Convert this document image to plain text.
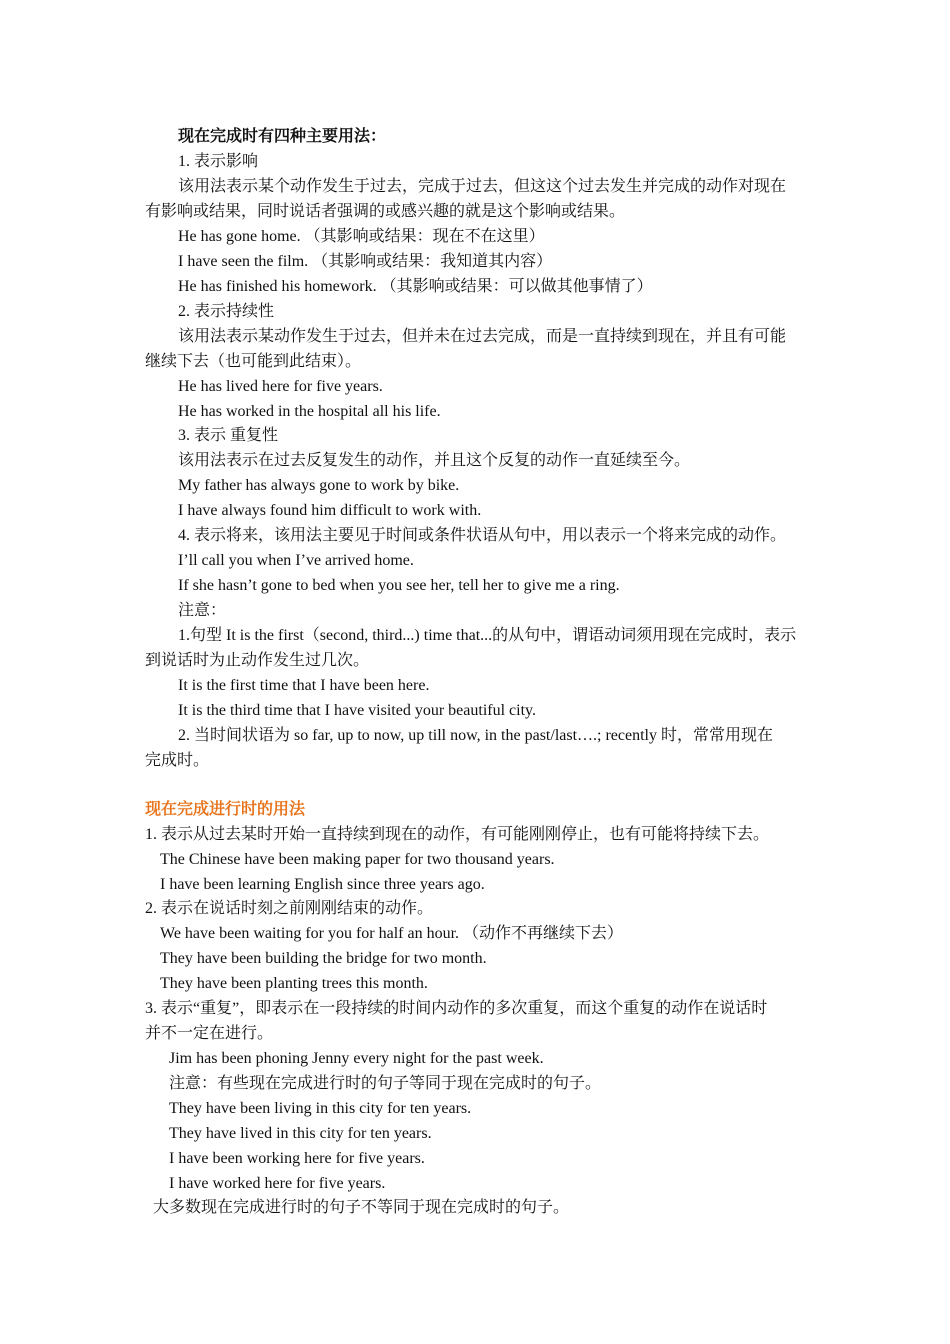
现在完成时有四种主要用法：
1. 表示影响
该用法表示某个动作发生于过去，完成于过去，但这这个过去发生并完成的动作对现在
有影响或结果，同时说话者强调的或感兴趣的就是这个影响或结果。
He has gone home. （其影响或结果：现在不在这里）
I have seen the film. （其影响或结果：我知道其内容）
He has finished his homework. （其影响或结果：可以做其他事情了）
2. 表示持续性
该用法表示某动作发生于过去，但并未在过去完成，而是一直持续到现在，并且有可能
继续下去（也可能到此结束）。
He has lived here for five years.
He has worked in the hospital all his life.
3. 表示 重复性
该用法表示在过去反复发生的动作，并且这个反复的动作一直延续至今。
My father has always gone to work by bike.
I have always found him difficult to work with.
4. 表示将来，该用法主要见于时间或条件状语从句中，用以表示一个将来完成的动作。
I’ll call you when I’ve arrived home.
If she hasn’t gone to bed when you see her, tell her to give me a ring.
注意：
1.句型 It is the first（second, third...) time that...的从句中，谓语动词须用现在完成时，表示
到说话时为止动作发生过几次。
It is the first time that I have been here.
It is the third time that I have visited your beautiful city.
2. 当时间状语为 so far, up to now, up till now, in the past/last….; recently 时，常常用现在
完成时。
现在完成进行时的用法
1. 表示从过去某时开始一直持续到现在的动作，有可能刚刚停止，也有可能将持续下去。
The Chinese have been making paper for two thousand years.
I have been learning English since three years ago.
2. 表示在说话时刻之前刚刚结束的动作。
We have been waiting for you for half an hour. （动作不再继续下去）
They have been building the bridge for two month.
They have been planting trees this month.
3. 表示“重复”，即表示在一段持续的时间内动作的多次重复，而这个重复的动作在说话时
并不一定在进行。
Jim has been phoning Jenny every night for the past week.
注意：有些现在完成进行时的句子等同于现在完成时的句子。
They have been living in this city for ten years.
They have lived in this city for ten years.
I have been working here for five years.
I have worked here for five years.
大多数现在完成进行时的句子不等同于现在完成时的句子。
